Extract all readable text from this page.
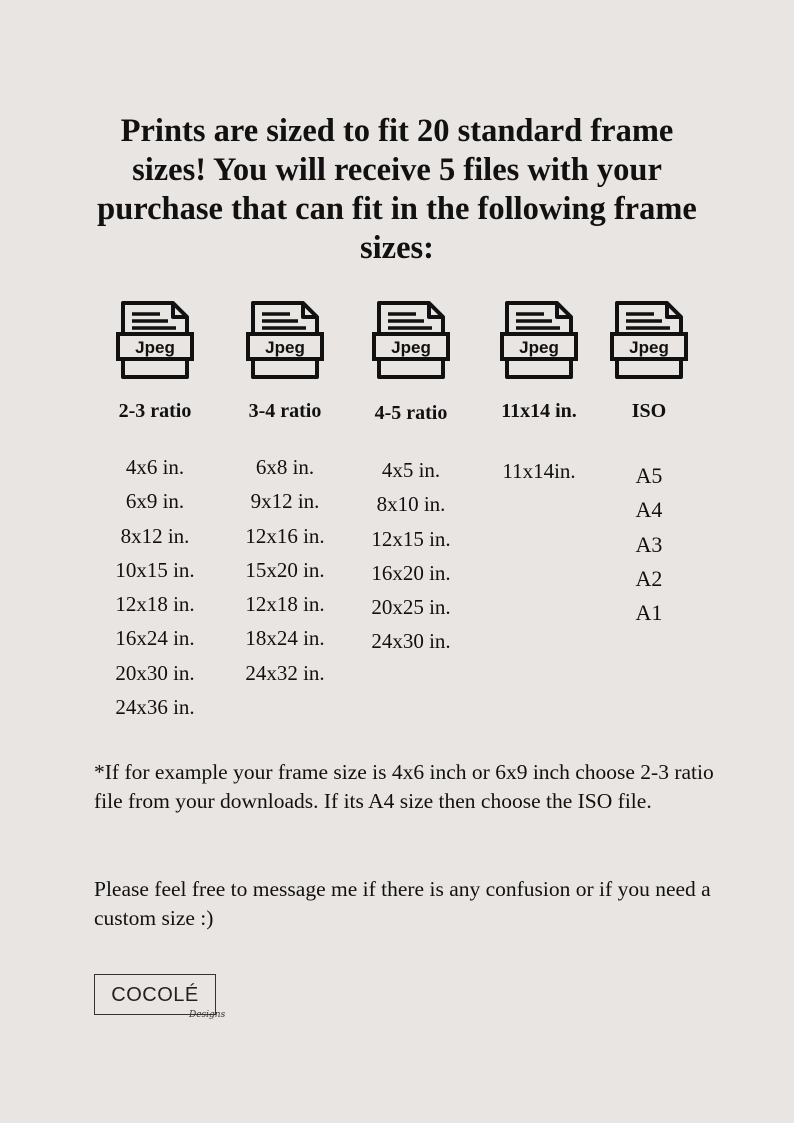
Prints are sized to fit 20 standard frame sizes! You will receive 5 files with your purchase that can fit in the following frame sizes:
Jpeg
2-3 ratio
4x6 in.
6x9 in.
8x12 in.
10x15 in.
12x18 in.
16x24 in.
20x30 in.
24x36 in.
Jpeg
3-4 ratio
6x8 in.
9x12 in.
12x16 in.
15x20 in.
12x18 in.
18x24 in.
24x32 in.
Jpeg
4-5 ratio
4x5 in.
8x10 in.
12x15 in.
16x20 in.
20x25 in.
24x30 in.
Jpeg
11x14 in.
11x14in.
Jpeg
ISO
A5
A4
A3
A2
A1

*If for example your frame size is 4x6 inch or 6x9 inch choose 2-3 ratio file from your downloads. If its A4 size then choose the ISO file.

Please feel free to message me if there is any confusion or if you need a custom size :)

COCOLÉ
Designs
